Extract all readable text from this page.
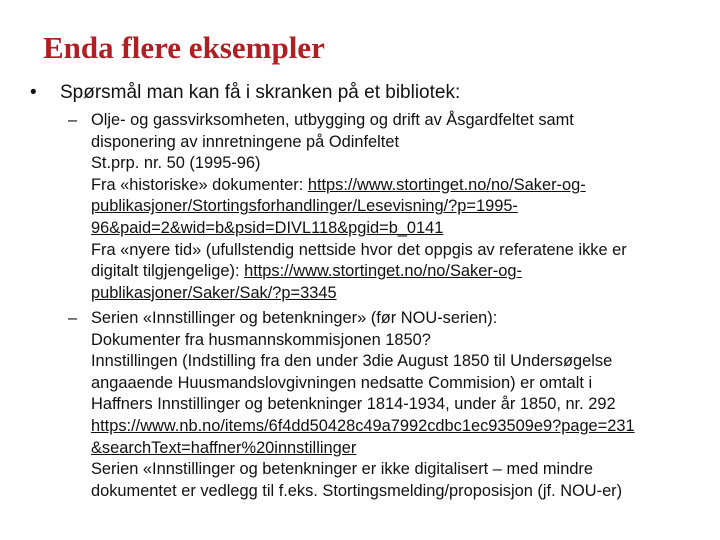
Enda flere eksempler
• Spørsmål man kan få i skranken på et bibliotek:
– Olje- og gassvirksomheten, utbygging og drift av Åsgardfeltet samt
disponering av innretningene på Odinfeltet
St.prp. nr. 50 (1995-96)
Fra «historiske» dokumenter: https://www.stortinget.no/no/Saker-og-
publikasjoner/Stortingsforhandlinger/Lesevisning/?p=1995-
96&paid=2&wid=b&psid=DIVL118&pgid=b_0141
Fra «nyere tid» (ufullstendig nettside hvor det oppgis av referatene ikke er
digitalt tilgjengelige): https://www.stortinget.no/no/Saker-og-
publikasjoner/Saker/Sak/?p=3345
– Serien «Innstillinger og betenkninger» (før NOU-serien):
Dokumenter fra husmannskommisjonen 1850?
Innstillingen (Indstilling fra den under 3die August 1850 til Undersøgelse
angaaende Huusmandslovgivningen nedsatte Commision) er omtalt i
Haffners Innstillinger og betenkninger 1814-1934, under år 1850, nr. 292
https://www.nb.no/items/6f4dd50428c49a7992cdbc1ec93509e9?page=231
&searchText=haffner%20innstillinger
Serien «Innstillinger og betenkninger er ikke digitalisert – med mindre
dokumentet er vedlegg til f.eks. Stortingsmelding/proposisjon (jf. NOU-er)
